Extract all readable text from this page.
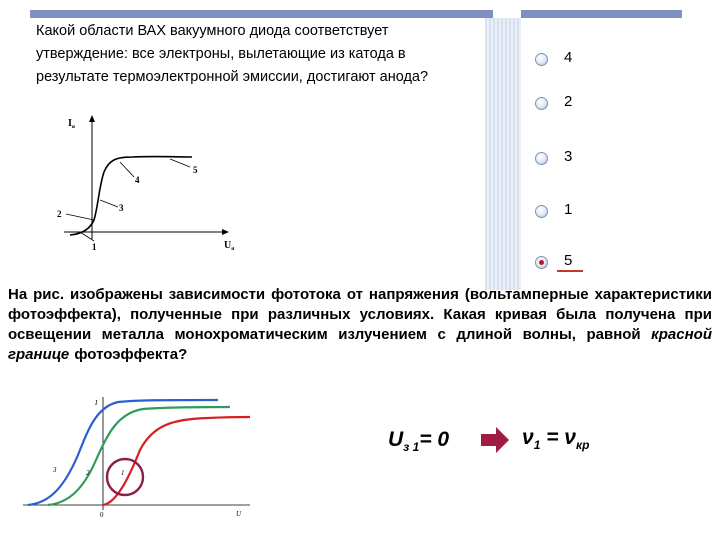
Какой области ВАХ вакуумного диода соответствует утверждение: все электроны, вылетающие из катода в результате термоэлектронной эмиссии, достигают анода?
$I_a$
$U_a$
1
2
3
4
5
4
2
3
1
5
На рис. изображены зависимости фототока от напряжения (вольтамперные характеристики фотоэффекта), полученные при различных условиях. Какая кривая была получена при освещении металла монохроматическим излучением с длиной волны, равной красной границе фотоэффекта?
I
U
0
3	2	1
$U_{з 1}= 0$	$\nu_1 = \nu_{кр}$
